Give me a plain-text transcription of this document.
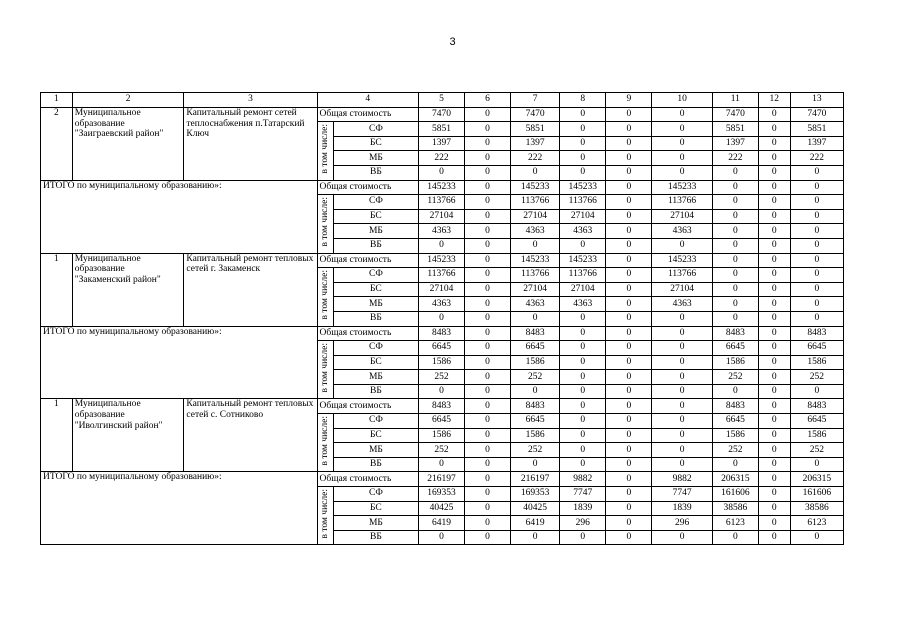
3
1	2	3	4		5	6	7	8	9	10	11	12	13
2	Муниципальное образование "Заиграевский район"	Капитальный ремонт сетей теплоснабжения п.Татарский Ключ	Общая стоимость		7470	0	7470	0	0	0	7470	0	7470
			в том числе:	СФ	5851	0	5851	0	0	0	5851	0	5851
				БС	1397	0	1397	0	0	0	1397	0	1397
				МБ	222	0	222	0	0	0	222	0	222
				ВБ	0	0	0	0	0	0	0	0	0
ИТОГО по муниципальному образованию»:			Общая стоимость		145233	0	145233	145233	0	145233	0	0	0
			в том числе:	СФ	113766	0	113766	113766	0	113766	0	0	0
				БС	27104	0	27104	27104	0	27104	0	0	0
				МБ	4363	0	4363	4363	0	4363	0	0	0
				ВБ	0	0	0	0	0	0	0	0	0
1	Муниципальное образование "Закаменский район"	Капитальный ремонт тепловых сетей г. Закаменск	Общая стоимость		145233	0	145233	145233	0	145233	0	0	0
			в том числе:	СФ	113766	0	113766	113766	0	113766	0	0	0
				БС	27104	0	27104	27104	0	27104	0	0	0
				МБ	4363	0	4363	4363	0	4363	0	0	0
				ВБ	0	0	0	0	0	0	0	0	0
ИТОГО по муниципальному образованию»:			Общая стоимость		8483	0	8483	0	0	0	8483	0	8483
			в том числе:	СФ	6645	0	6645	0	0	0	6645	0	6645
				БС	1586	0	1586	0	0	0	1586	0	1586
				МБ	252	0	252	0	0	0	252	0	252
				ВБ	0	0	0	0	0	0	0	0	0
1	Муниципальное образование "Иволгинский район"	Капитальный ремонт тепловых сетей с. Сотниково	Общая стоимость		8483	0	8483	0	0	0	8483	0	8483
			в том числе:	СФ	6645	0	6645	0	0	0	6645	0	6645
				БС	1586	0	1586	0	0	0	1586	0	1586
				МБ	252	0	252	0	0	0	252	0	252
				ВБ	0	0	0	0	0	0	0	0	0
ИТОГО по муниципальному образованию»:			Общая стоимость		216197	0	216197	9882	0	9882	206315	0	206315
			в том числе:	СФ	169353	0	169353	7747	0	7747	161606	0	161606
				БС	40425	0	40425	1839	0	1839	38586	0	38586
				МБ	6419	0	6419	296	0	296	6123	0	6123
				ВБ	0	0	0	0	0	0	0	0	0
